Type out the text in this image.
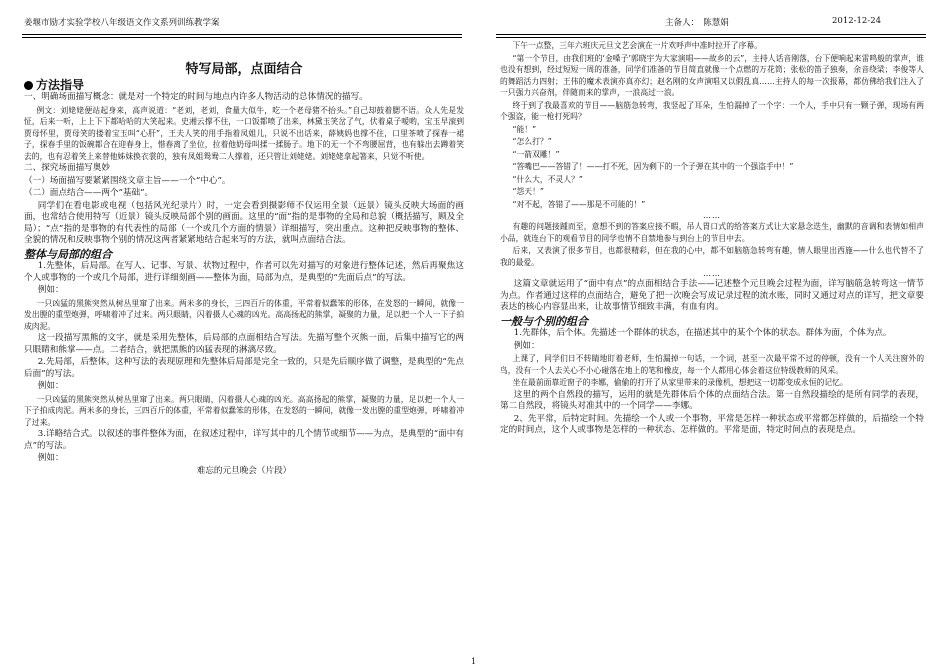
姜堰市励才实验学校八年级语文作文系列训练教学案	主备人：　陈慧娟	2012-12-24
特写局部，点面结合
方法指导

一、明确场面描写概念：就是对一个特定的时间与地点内许多人物活动的总体情况的描写。

例文：刘姥姥便站起身来，高声说道：“老刘，老刘，食量大似牛，吃一个老母猪不抬头。”自己却鼓着腮不语。众人先是发怔，后来一听，上上下下都哈哈的大笑起来。史湘云撑不住，一口饭都喷了出来，林黛玉笑岔了气，伏着桌子嗳哟，宝玉早滚到贾母怀里，贾母笑的搂着宝玉叫“心肝”，王夫人笑的用手指着凤姐儿，只说不出话来，薛姨妈也撑不住，口里茶喷了探春一裙子，探春手里的饭碗都合在迎春身上，惜春离了坐位，拉着他奶母叫揉一揉肠子。地下的无一个不弯腰屈背，也有躲出去蹲着笑去的，也有忍着笑上来替他姊妹换衣裳的，独有凤姐鸳鸯二人撑着，还只管让刘姥姥。刘姥姥拿起箸来，只觉不听使。

二、探究场面描写奥妙

（一）场面描写要紧紧围绕文章主旨——一个“中心”。

（二）面点结合——两个“基础”。

同学们在看电影或电视（包括风光纪录片）时，一定会看到摄影师不仅运用全景（远景）镜头反映大场面的画面，也常结合使用特写（近景）镜头反映局部个别的画面。这里的“面”指的是事物的全局和总貌（概括描写，顾及全局）；“点”指的是事物的有代表性的局部（一个或几个方面的情景）详细描写，突出重点。这种把反映事物的整体、全貌的情况和反映事物个别的情况这两者紧紧地结合起来写的方法，就叫点面结合法。

整体与局部的组合

1.先整体，后局部。在写人、记事、写景、状物过程中，作者可以先对描写的对象进行整体记述，然后再聚焦这个人或事物的一个或几个局部，进行详细刻画——整体为面，局部为点，是典型的“先面后点”的写法。

例如：

一只凶猛的黑熊突然从树丛里窜了出来。两米多的身长，三四百斤的体重，平常着似蠢笨的形体，在发怒的一瞬间，就像一发出膛的重型炮弹，呼啸着冲了过来。两只眼睛，闪着摄人心魂的凶光。高高扬起的熊掌，凝聚的力量，足以把一个人一下子拍成肉泥。

这一段描写黑熊的文字，就是采用先整体，后局部的点面相结合写法。先描写整个灭熊一面，后集中描写它的两只眼睛和熊掌——点。二者结合，就把黑熊的凶猛表现的淋漓尽致。

2.先局部，后整体。这种写法的表现原理和先整体后局部是完全一致的，只是先后顺序做了调整，是典型的“先点后面”的写法。

例如：

一只凶猛的黑熊突然从树丛里窜了出来。两只眼睛，闪着摄人心魂的凶光。高高扬起的熊掌，凝聚的力量，足以把一个人一下子拍成肉泥。两米多的身长，三四百斤的体重，平常着似蠢笨的形体，在发怒的一瞬间，就像一发出膛的重型炮弹，呼啸着冲了过来。

3.详略结合式。以叙述的事件整体为面，在叙述过程中，详写其中的几个情节或细节——为点，是典型的“面中有点”的写法。

例如：

难忘的元旦晚会（片段）

下午一点整，三年六班庆元旦文艺会演在一片欢呼声中准时拉开了序幕。

“第一个节目，由我们班的‘金嗓子’郭晓宇为大家演唱——故乡的云”，主持人话音刚落，台下便响起来雷鸣般的掌声，谁也没有想到，经过短短一周的准备，同学们准备的节目简直就像一个点燃的万花筒；张松的笛子独奏，余音绕梁；李俊等人的舞蹈活力四射；王伟的魔术表演亦真亦幻；赵名刚的女声演唱又以假乱真……主持人的每一次报幕，都仿佛给我们注入了一只强力兴奋剂，伴随而来的掌声，一浪高过一浪。

终于到了我最喜欢的节目——脑筋急转弯，我竖起了耳朵，生怕漏掉了一个字：一个人，手中只有一颗子弹，现场有两个强盗，能一枪打死吗？

“能！”

“怎么打？”

“一箭双雕！”

“答嘴巴——答错了！——打不死，因为剩下的一个子弹在其中的一个强盗手中！”

“什么大，不灵人？”

“怨天！”

“对不起，答错了——那是不可能的！”

……

有趣的问题接踵而至，意想不到的答案应接不暇，吊人胃口式的给答案方式让大家悬念迭生，幽默的音调和表情如相声小品，就连台下的观看节目的同学也情不自禁地参与到台上的节目中去。

后来，又表演了很多节目，也都很精彩，但在我的心中，都不如脑筋急转弯有趣，情人眼里出西施——什么也代替不了我的最爱。

……

这篇文章就运用了“面中有点”的点面相结合手法——记述整个元旦晚会过程为面，详写脑筋急转弯这一情节为点。作者通过这样的点面结合，避免了把一次晚会写成记录过程的流水账，同时又通过对点的详写，把文章要表达的核心内容显出来，让故事情节细致丰满，有血有肉。

一般与个别的组合

1.先群体，后个体。先描述一个群体的状态，在描述其中的某个个体的状态。群体为面，个体为点。

例如：

上课了，同学们日不转睛地盯着老师，生怕漏掉一句话，一个词，甚至一次最平常不过的停顿，没有一个人关注窗外的鸟，没有一个人去关心不小心碰落在地上的笔和橡皮，每一个人都用心体会着这位特级教师的风采。

坐在最前面靠近窗子的李娜，偷偷的打开了从家里带来的录像机，想把这一切都变成永恒的记忆。

这里的两个自然段的描写，运用的就是先群体后个体的点面结合法。第一自然段描绘的是所有同学的表现，第二自然段，将镜头对准其中的一个同学——李娜。

2、先平常，后特定时间。先描绘一个人或一个事物，平常是怎样一种状态或平常都怎样做的，后描绘一个特定的时间点，这个人或事物是怎样的一种状态、怎样做的。平常是面，特定时间点的表现是点。

1
